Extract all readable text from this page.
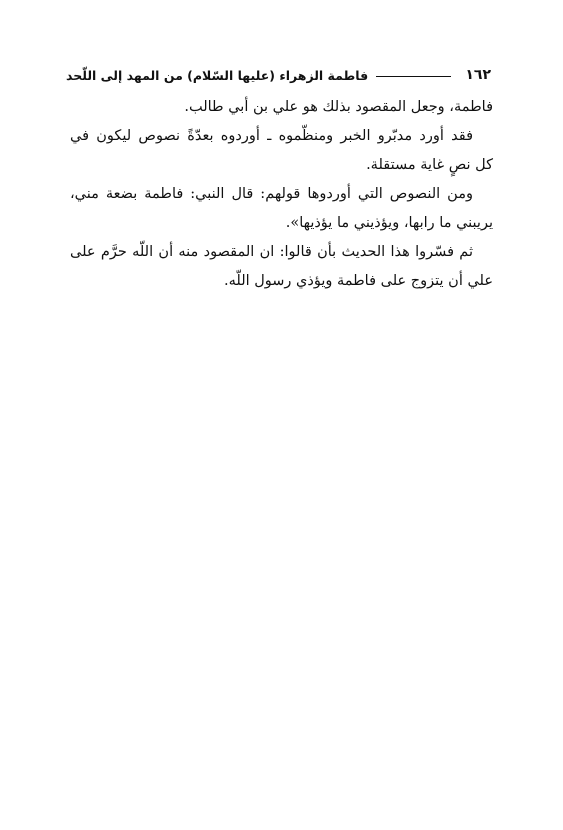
١٦٢
فاطمة الزهراء (عليها السّلام) من المهد إلى اللّحد
فاطمة، وجعل المقصود بذلك هو علي بن أبي طالب.
فقد أورد مدبّرو الخبر ومنظّموه ـ أوردوه بعدّةً نصوص ليكون في
كل نصٍ غاية مستقلة.
ومن النصوص التي أوردوها قولهم: قال النبي: فاطمة بضعة مني،
يريبني ما رابها، ويؤذيني ما يؤذيها».
ثم فسّروا هذا الحديث بأن قالوا: ان المقصود منه أن اللّه حرَّم على
علي أن يتزوج على فاطمة ويؤذي رسول اللّه.
